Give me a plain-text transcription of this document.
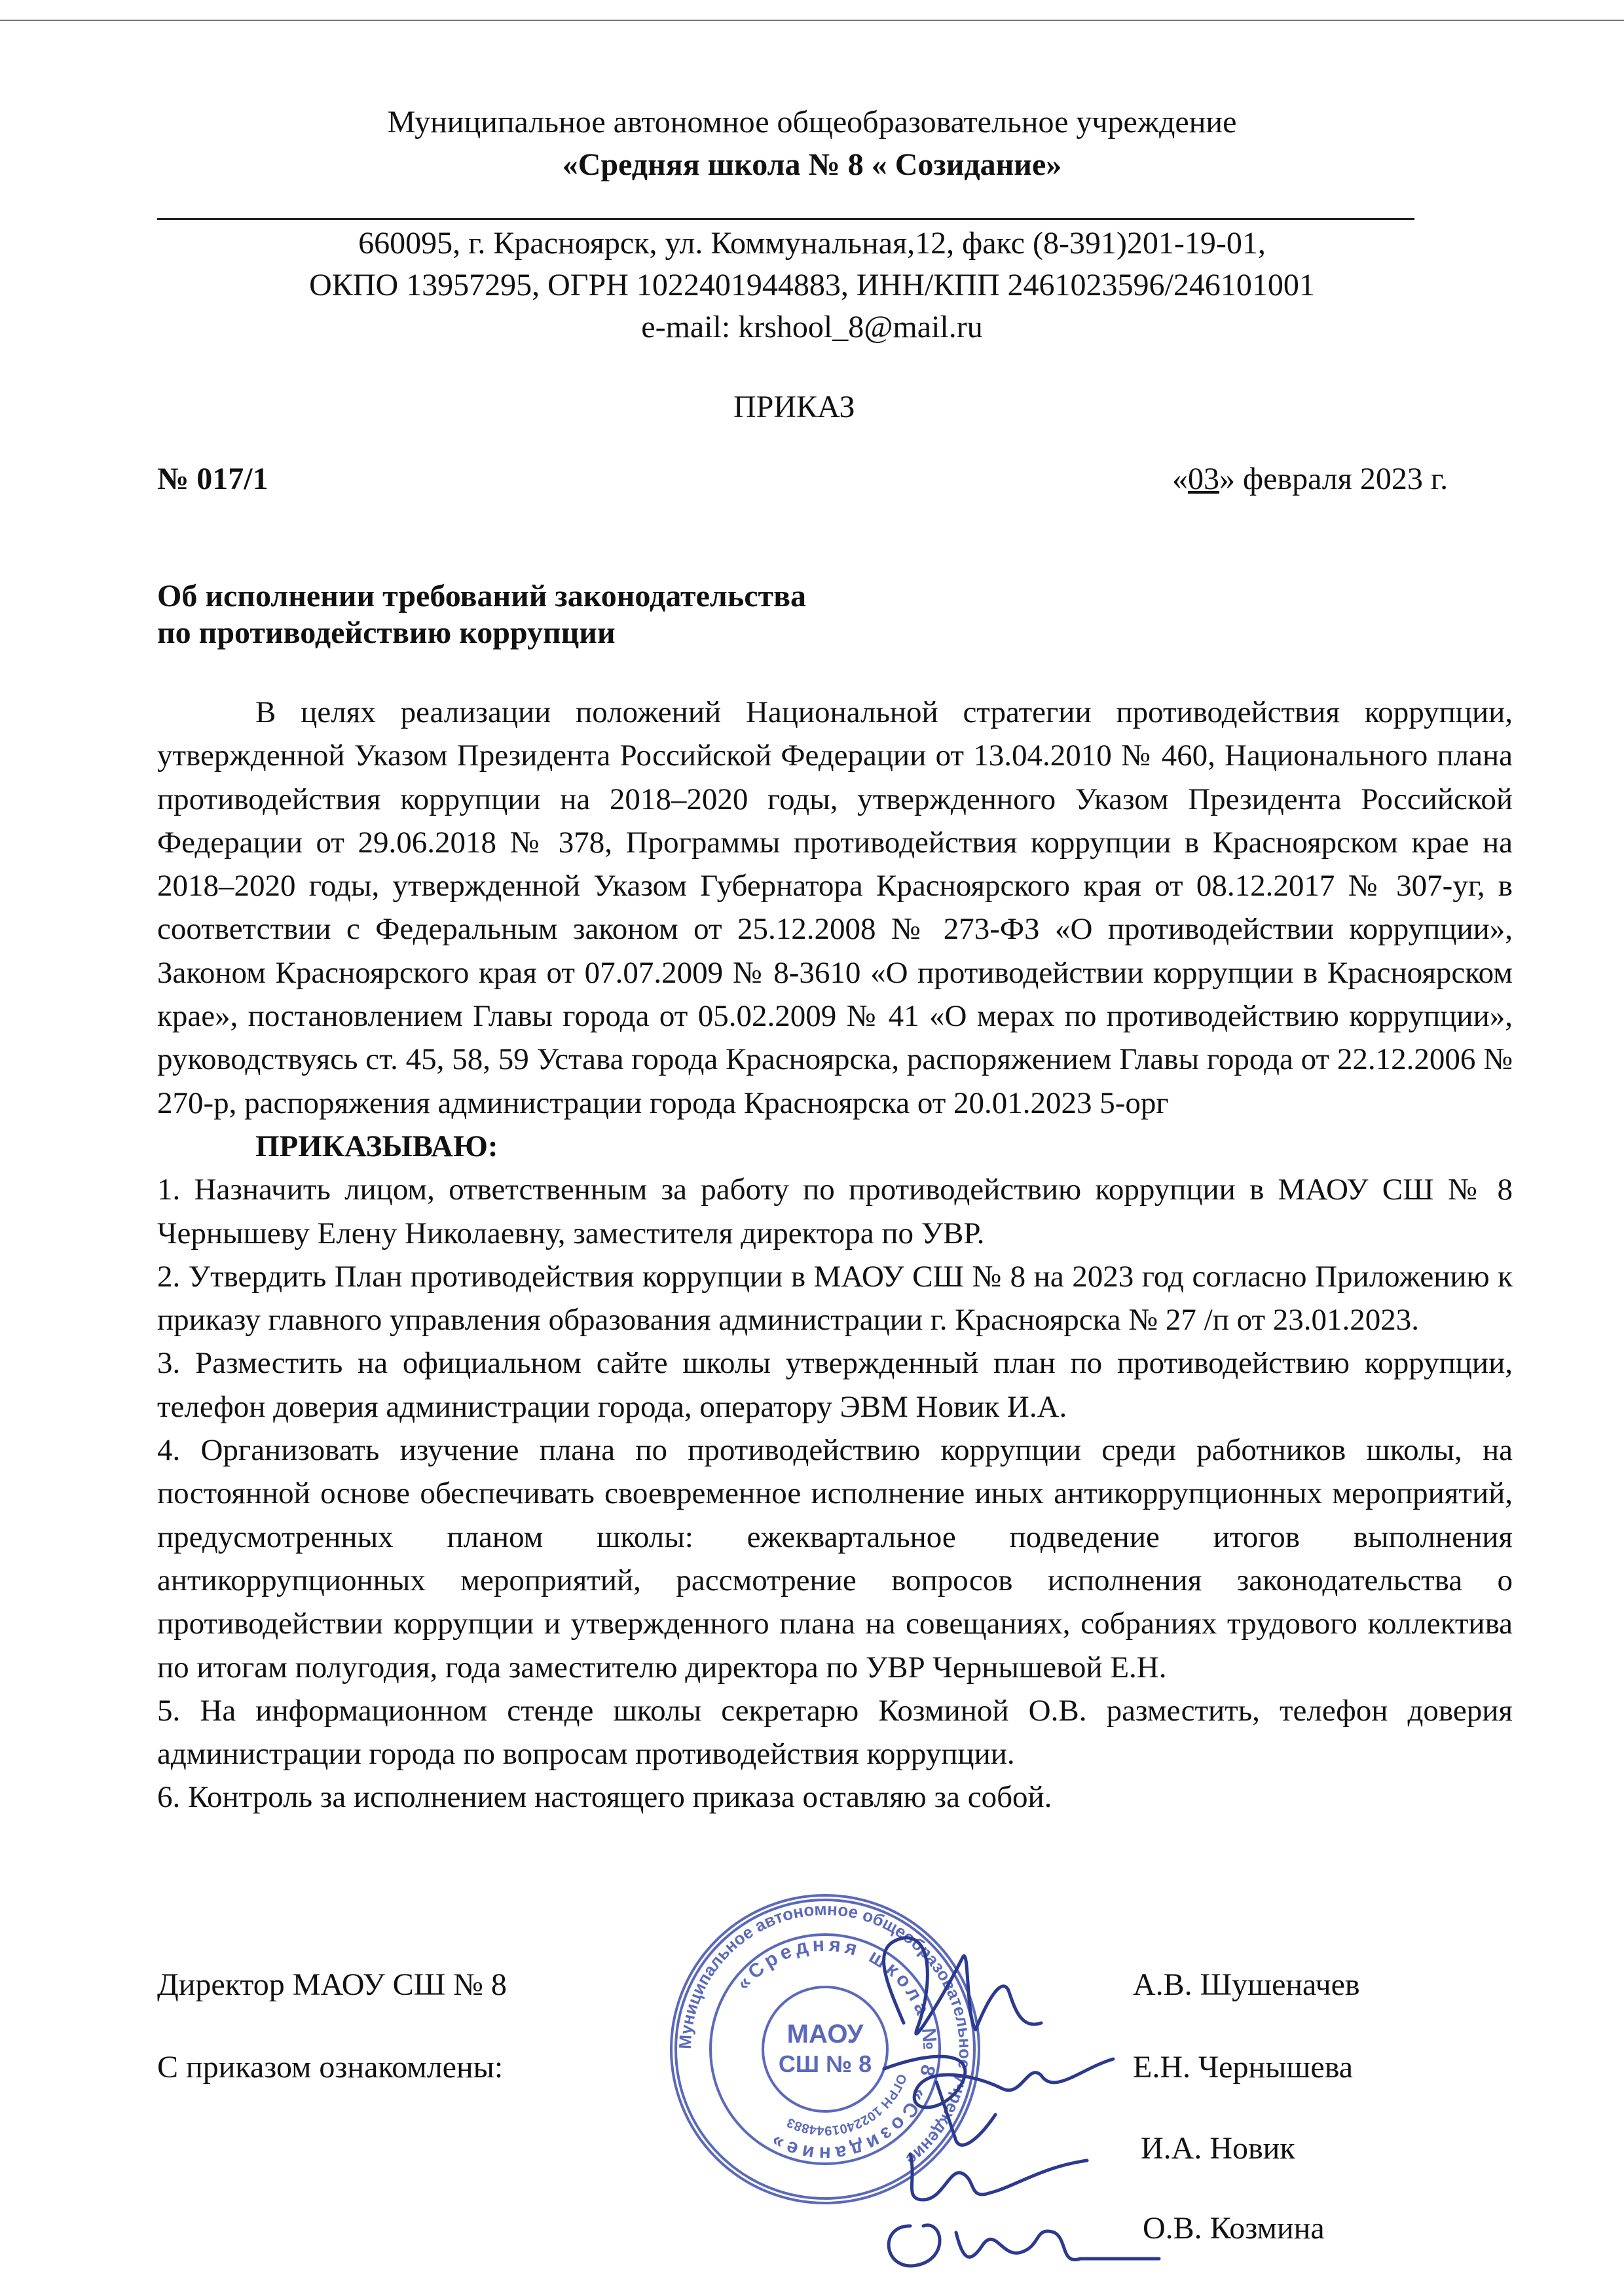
Муниципальное автономное общеобразовательное учреждение
«Средняя школа № 8 « Созидание»
660095, г. Красноярск, ул. Коммунальная,12, факс (8-391)201-19-01,
ОКПО 13957295, ОГРН 1022401944883, ИНН/КПП 2461023596/246101001
e-mail: krshool_8@mail.ru
ПРИКАЗ
№ 017/1	«03» февраля 2023 г.
Об исполнении требований законодательства
по противодействию коррупции

В целях реализации положений Национальной стратегии противодействия коррупции, утвержденной Указом Президента Российской Федерации от 13.04.2010 № 460, Национального плана противодействия коррупции на 2018–2020 годы, утвержденного Указом Президента Российской Федерации от 29.06.2018 № 378, Программы противодействия коррупции в Красноярском крае на 2018–2020 годы, утвержденной Указом Губернатора Красноярского края от 08.12.2017 № 307-уг, в соответствии с Федеральным законом от 25.12.2008 № 273-ФЗ «О противодействии коррупции», Законом Красноярского края от 07.07.2009 № 8-3610 «О противодействии коррупции в Красноярском крае», постановлением Главы города от 05.02.2009 № 41 «О мерах по противодействию коррупции», руководствуясь ст. 45, 58, 59 Устава города Красноярска, распоряжением Главы города от 22.12.2006 № 270-р, распоряжения администрации города Красноярска от 20.01.2023 5-орг

ПРИКАЗЫВАЮ:

1. Назначить лицом, ответственным за работу по противодействию коррупции в МАОУ СШ № 8 Чернышеву Елену Николаевну, заместителя директора по УВР.

2. Утвердить План противодействия коррупции в МАОУ СШ № 8 на 2023 год согласно Приложению к приказу главного управления образования администрации г. Красноярска № 27 /п от 23.01.2023.

3. Разместить на официальном сайте школы утвержденный план по противодействию коррупции, телефон доверия администрации города, оператору ЭВМ Новик И.А.

4. Организовать изучение плана по противодействию коррупции среди работников школы, на постоянной основе обеспечивать своевременное исполнение иных антикоррупционных мероприятий, предусмотренных планом школы: ежеквартальное подведение итогов выполнения антикоррупционных мероприятий, рассмотрение вопросов исполнения законодательства о противодействии коррупции и утвержденного плана на совещаниях, собраниях трудового коллектива по итогам полугодия, года заместителю директора по УВР Чернышевой Е.Н.

5. На информационном стенде школы секретарю Козминой О.В. разместить, телефон доверия администрации города по вопросам противодействия коррупции.

6. Контроль за исполнением настоящего приказа оставляю за собой.

Муниципальное автономное общеобразовательное учреждение
«Средняя школа № 8 «Созидание»
ОГРН 1022401944883
МАОУ
СШ № 8
Директор МАОУ СШ № 8	А.В. Шушеначев
С приказом ознакомлены:	Е.Н. Чернышева
И.А. Новик
О.В. Козмина
